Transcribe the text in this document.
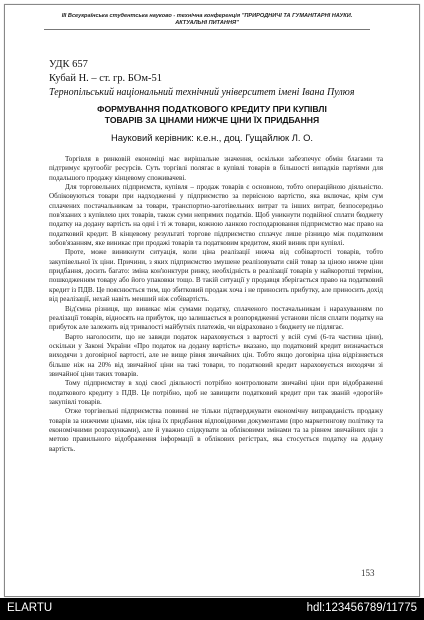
ІІІ Всеукраїнська студентська науково - технічна конференція "ПРИРОДНИЧІ ТА ГУМАНІТАРНІ НАУКИ.
АКТУАЛЬНІ ПИТАННЯ"
УДК 657
Кубай Н. – ст. гр. БОм-51
Тернопільський національний технічний університет імені Івана Пулюя
ФОРМУВАННЯ ПОДАТКОВОГО КРЕДИТУ ПРИ КУПІВЛІ
ТОВАРІВ ЗА ЦІНАМИ НИЖЧЕ ЦІНИ ЇХ ПРИДБАННЯ
Науковий керівник: к.е.н., доц. Гущайлюк Л. О.

Торгівля в ринковій економіці має вирішальне значення, оскільки забезпечує обмін благами та підтримує кругообіг ресурсів. Суть торгівлі полягає в купівлі товарів в більшості випадків партіями для подальшого продажу кінцевому споживачеві.

Для торговельних підприємств, купівля – продаж товарів є основною, тобто операційною діяльністю. Обліковуються товари при надходженні у підприємство за первісною вартістю, яка включає, крім сум сплачених постачальникам за товари, транспортно-заготівельних витрат та інших витрат, безпосередньо пов'язаних з купівлею цих товарів, також суми непрямих податків. Щоб уникнути подвійної сплати бюджету податку на додану вартість на одні і ті ж товари, кожною ланкою господарювання підприємство має право на податковий кредит. В кінцевому результаті торгове підприємство сплачує лише різницю між податковим зобов'язанням, яке виникає при продажі товарів та податковим кредитом, який виник при купівлі.

Проте, може виникнути ситуація, коли ціна реалізації нижча від собівартості товарів, тобто закупівельної їх ціни. Причини, з яких підприємство змушене реалізовувати свій товар за ціною нижче ціни придбання, досить багато: зміна кон'юнктури ринку, необхідність в реалізації товарів у найкоротші терміни, пошкодженням товару або його упаковки тощо. В такій ситуації у продавця зберігається право на податковий кредит із ПДВ. Це пояснюється тим, що збитковий продаж хоча і не приносить прибутку, але приносить дохід від реалізації, нехай навіть менший ніж собівартість.

Від'ємна різниця, що виникає між сумами податку, сплаченого постачальникам і нарахуванням по реалізації товарів, відносять на прибуток, що залишається в розпорядженні установи після сплати податку на прибуток але залежить від тривалості майбутніх платежів, чи відраховано з бюджету не підлягає.

Варто наголосити, що не завжди податок нараховується з вартості у всій сумі (6-та частина ціни), оскільки у Законі України «Про податок на додану вартість» вказано, що податковий кредит визначається виходячи з договірної вартості, але не вище рівня звичайних цін. Тобто якщо договірна ціна відрізняється більше ніж на 20% від звичайної ціни на такі товари, то податковий кредит нараховується виходячи зі звичайної ціни таких товарів.

Тому підприємству в ході своєї діяльності потрібно контролювати звичайні ціни при відображенні податкового кредиту з ПДВ. Це потрібно, щоб не завищити податковий кредит при так званій «дорогій» закупівлі товарів.

Отже торгівельні підприємства повинні не тільки підтверджувати економічну виправданість продажу товарів за нижчими цінами, ніж ціна їх придбання відповідними документами (про маркетингову політику та економічними розрахунками), але й уважно слідкувати за обліковими змінами та за рівнем звичайних цін з метою правильного відображення інформації в облікових регістрах, яка стосується податку на додану вартість.

153
ELARTU	hdl:123456789/11775
